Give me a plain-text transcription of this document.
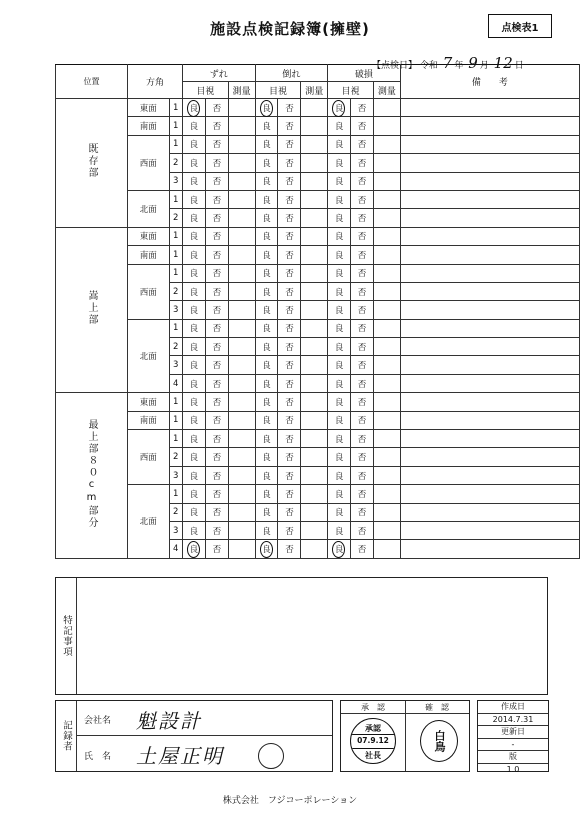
施設点検記録簿(擁壁)	点検表1
【点検日】 令和 7 年 9 月 12 日
位置	方角		ずれ			倒れ			破損			備　　考
			目視		測量	目視		測量	目視		測量	
既存部	東面	1	良	否		良	否		良	否		
	南面	1	良	否		良	否		良	否		
	西面	1	良	否		良	否		良	否		
		2	良	否		良	否		良	否		
		3	良	否		良	否		良	否		
	北面	1	良	否		良	否		良	否		
		2	良	否		良	否		良	否		
嵩上部	東面	1	良	否		良	否		良	否		
	南面	1	良	否		良	否		良	否		
	西面	1	良	否		良	否		良	否		
		2	良	否		良	否		良	否		
		3	良	否		良	否		良	否		
	北面	1	良	否		良	否		良	否		
		2	良	否		良	否		良	否		
		3	良	否		良	否		良	否		
		4	良	否		良	否		良	否		
最上部８０cm部分	東面	1	良	否		良	否		良	否		
	南面	1	良	否		良	否		良	否		
	西面	1	良	否		良	否		良	否		
		2	良	否		良	否		良	否		
		3	良	否		良	否		良	否		
	北面	1	良	否		良	否		良	否		
		2	良	否		良	否		良	否		
		3	良	否		良	否		良	否		
		4	良	否		良	否		良	否		
特記事項
記録者 会社名 魁設計
氏　名 土屋正明
承　認	確　認
承認
07.9.12
社長
白鳥
作成日
2014.7.31
更新日
-
版
1.0
株式会社　フジコーポレーション
